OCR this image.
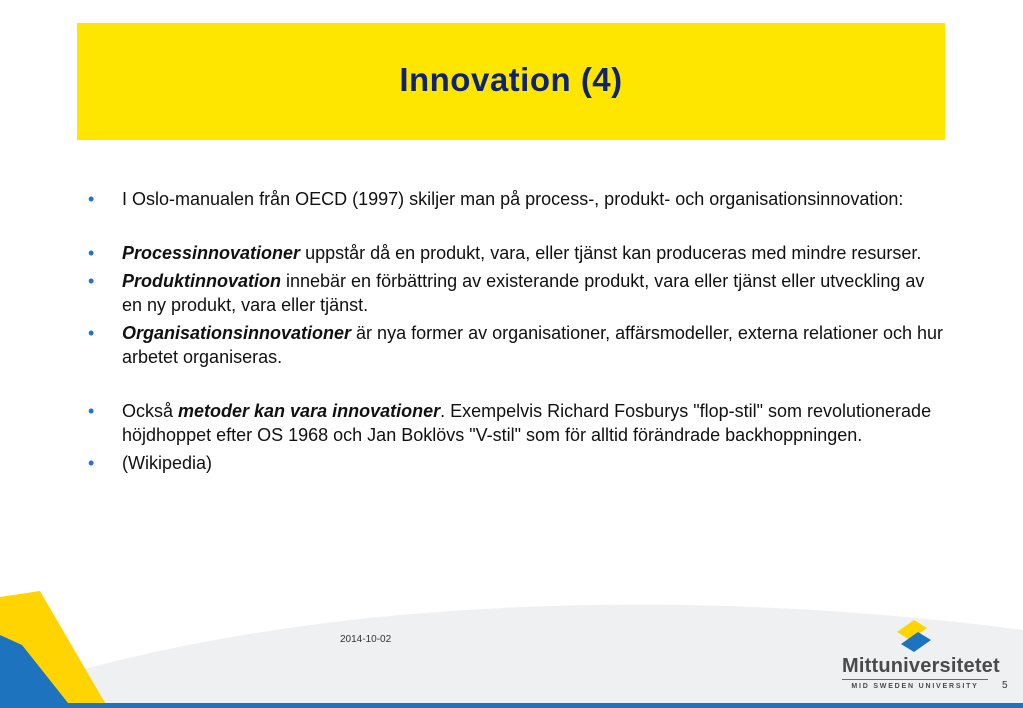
Innovation (4)
• I Oslo-manualen från OECD (1997) skiljer man på process-, produkt- och organisationsinnovation:
• Processinnovationer uppstår då en produkt, vara, eller tjänst kan produceras med mindre resurser.
• Produktinnovation innebär en förbättring av existerande produkt, vara eller tjänst eller utveckling av en ny produkt, vara eller tjänst.
• Organisationsinnovationer är nya former av organisationer, affärsmodeller, externa relationer och hur arbetet organiseras.
• Också metoder kan vara innovationer. Exempelvis Richard Fosburys "flop-stil" som revolutionerade höjdhoppet efter OS 1968 och Jan Boklövs "V-stil" som för alltid förändrade backhoppningen.
• (Wikipedia)
2014-10-02
Mittuniversitetet
MID SWEDEN UNIVERSITY	5
